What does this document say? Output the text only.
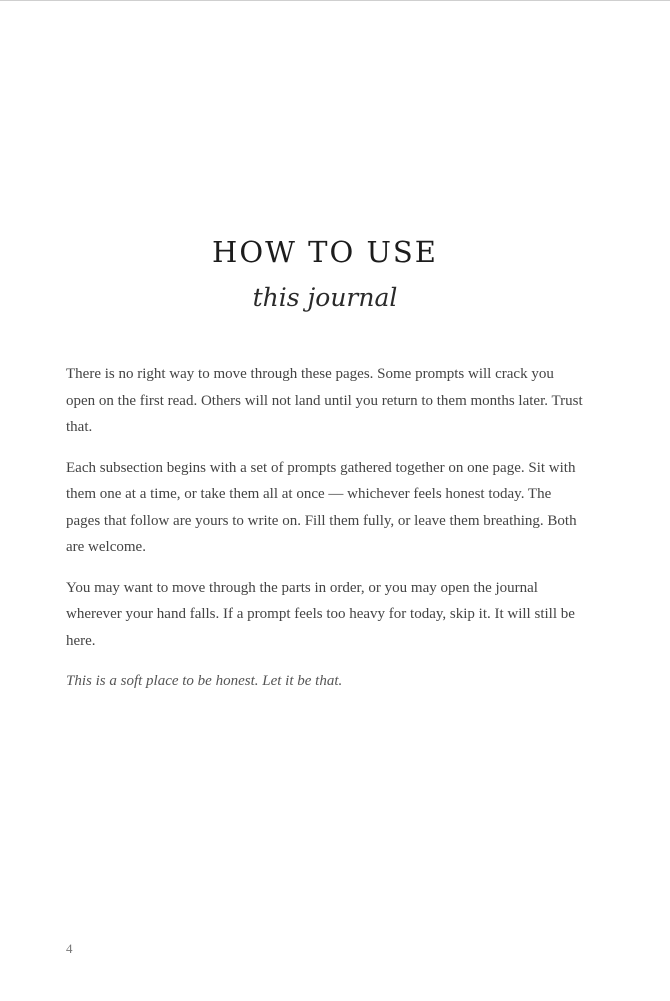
HOW TO USE
this journal

There is no right way to move through these pages. Some prompts will crack you open on the first read. Others will not land until you return to them months later. Trust that.

Each subsection begins with a set of prompts gathered together on one page. Sit with them one at a time, or take them all at once — whichever feels honest today. The pages that follow are yours to write on. Fill them fully, or leave them breathing. Both are welcome.

You may want to move through the parts in order, or you may open the journal wherever your hand falls. If a prompt feels too heavy for today, skip it. It will still be here.

This is a soft place to be honest. Let it be that.

4
